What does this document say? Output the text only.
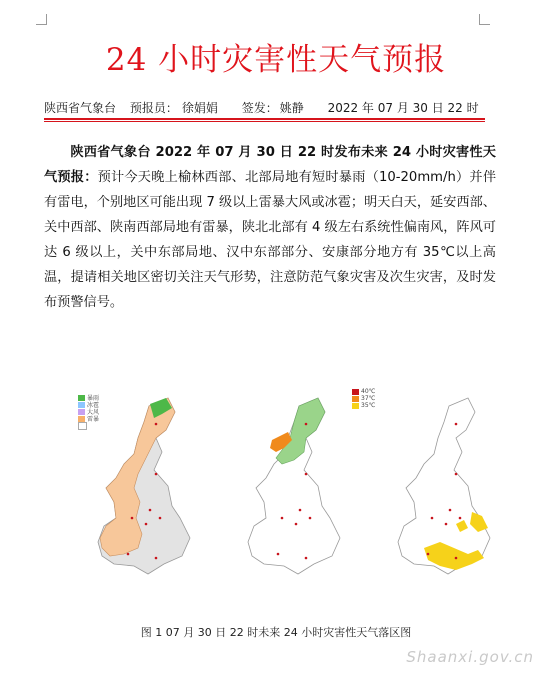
24 小时灾害性天气预报
陕西省气象台 预报员： 徐娟娟 签发： 姚静 2022 年 07 月 30 日 22 时
陕西省气象台 2022 年 07 月 30 日 22 时发布未来 24 小时灾害性天气预报：预计今天晚上榆林西部、北部局地有短时暴雨（10-20mm/h）并伴有雷电，个别地区可能出现 7 级以上雷暴大风或冰雹；明天白天，延安西部、关中西部、陕南西部局地有雷暴，陕北北部有 4 级左右系统性偏南风，阵风可达 6 级以上，关中东部局地、汉中东部部分、安康部分地方有 35℃以上高温，提请相关地区密切关注天气形势，注意防范气象灾害及次生灾害，及时发布预警信号。
暴雨
冰雹
大风
雷暴
40℃
37℃
35℃
图 1 07 月 30 日 22 时未来 24 小时灾害性天气落区图
Shaanxi.gov.cn
